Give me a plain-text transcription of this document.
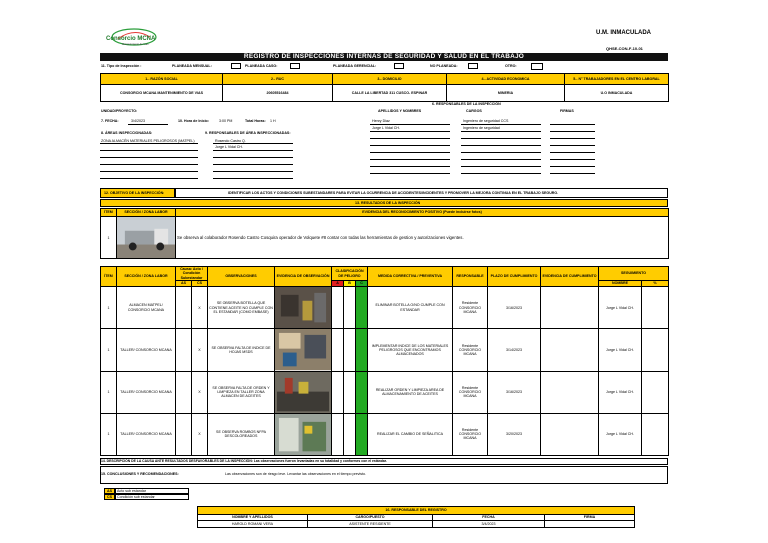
Consorcio MCNA
Mantenimiento de Vías
U.M. INMACULADA
QHSE-CON-F-10-01
REGISTRO DE INSPECCIONES INTERNAS DE SEGURIDAD Y SALUD EN EL TRABAJO
11. Tipo de Inspección :	PLANEADA MENSUAL:	PLANEADA CASO:	PLANEADA GERENCIAL:	NO PLANEADA:	OTRO:
1.- RAZÓN SOCIAL	2.- RUC	3.- DOMICILIO	4.- ACTIVIDAD ECONOMICA	5.- N° TRABAJADORES EN EL CENTRO LABORAL
CONSORCIO MCANA MANTENIMIENTO DE VIAS	20605516484	CALLE LA LIBERTAD 311 CUSCO- ESPINAR	MINERIA	U.O INMACULADA
6. RESPONSABLES DE LA INSPECCIÓN
UNIDAD/PROYECTO:	APELLIDOS Y NOMBRES	CARGOS	FIRMAS
7. FECHA:	3/4/2023	10. Hora de Inicio:	3:00 PM	Total Horas: 1 H	Henry Diaz	Ingeniero de seguridad CCS
Jorge L Vidal CH.	Ingeniero de seguridad
8. ÁREAS INSPECCIONADAS:
ZONA ALMACÉN MATERIALES PELIGROSOS (MATPEL)
9. RESPONSABLES DE ÁREA INSPECCIONADAS:
Rosendo Castro Q.
Jorge L Vidal CH.
12. OBJETIVO DE LA INSPECCIÓN:	IDENTIFICAR LOS ACTOS Y CONDICIONES SUBESTANDARES PARA EVITAR LA OCURRENCIA DE ACCIDENTES/INCIDENTES Y PROMOVER LA MEJORA CONTINUA EN EL TRABAJO SEGURO.
13. RESULTADOS DE LA INSPECCIÓN
ÍTEM	SECCIÓN / ZONA LABOR	EVIDENCIA DEL RECONOCIMIENTO POSITIVO (Puede incluirse fotos)
1		Se observa al colaborador Rosendo Castro Cosquira operador de Volquete #8 contar con todas las herramientas de gestion y autorizaciones vigentes.
ÍTEM	SECCIÓN / ZONA LABOR	Causa: Acto / Condición Subestandar		OBSERVACIONES	EVIDENCIA DE OBSERVACIÓN	CLASIFICACIÓN DE PELIGRO			MEDIDA CORRECTIVA / PREVENTIVA	RESPONSABLE	PLAZO DE CUMPLIMIENTO	EVIDENCIA DE CUMPLIMIENTO	SEGUIMIENTO	
		AS	CS			A	B	C					NOMBRE	%
1	ALMACEN MATPEL/ CONSORCIO MCANA		X	SE OBSERVA BOTELLA QUE CONTIENE ACEITE NO CUMPLE CON EL ESTANDAR (COMO EMBASE)					ELIMINAR BOTELLA O/NO CUMPLE CON ESTANDAR	Residente CONSORCIO MCANA	3/16/2023		Jorge L Vidal CH.	
1	TALLER/ CONSORCIO MCANA		X	SE OBSERVA FALTA DE INDICE DE HOJAS MSDS					IMPLEMENTAR INDICE DE LOS MATERIALES PELIGROSOS QUE ENCONTRAMOS ALMACENADOS	Residente CONSORCIO MCANA	3/14/2023		Jorge L Vidal CH.	
1	TALLER/ CONSORCIO MCANA		X	SE OBSERVA FALTA DE ORDEN Y LIMPIEZA EN TALLER ZONA ALMACEN DE ACEITES					REALIZAR ORDEN Y LIMPIEZA AREA DE ALMACENAMIENTO DE ACEITES	Residente CONSORCIO MCANA	3/16/2023		Jorge L Vidal CH.	
1	TALLER/ CONSORCIO MCANA		X	SE OBSERVA ROMBOS NFPA DESCOLOREADOS					REALIZAR EL CAMBIO DE SEÑALITICA	Residente CONSORCIO MCANA	3/20/2023		Jorge L Vidal CH.	
14. DESCRIPCIÓN DE LA CAUSA ANTE RESULTADOS DESFAVORABLES DE LA INSPECCIÓN: Las observaciones fueron levantadas en su totalidad y conformes con el estándar.
15. CONCLUSIONES Y RECOMENDACIONES:	Las observaciones son de riesgo leve. Levantar las observaciones en el tiempo previsto.
AS	Acto sub estandar
CS	Condición sub estandar
16. RESPONSABLE DEL REGISTRO			
NOMBRE Y APELLIDOS	CARGO/PUESTO	FECHA	FIRMA
HAROLD ROMANI VERA	ASISTENTE RESIDENTE	3/4/2023	
